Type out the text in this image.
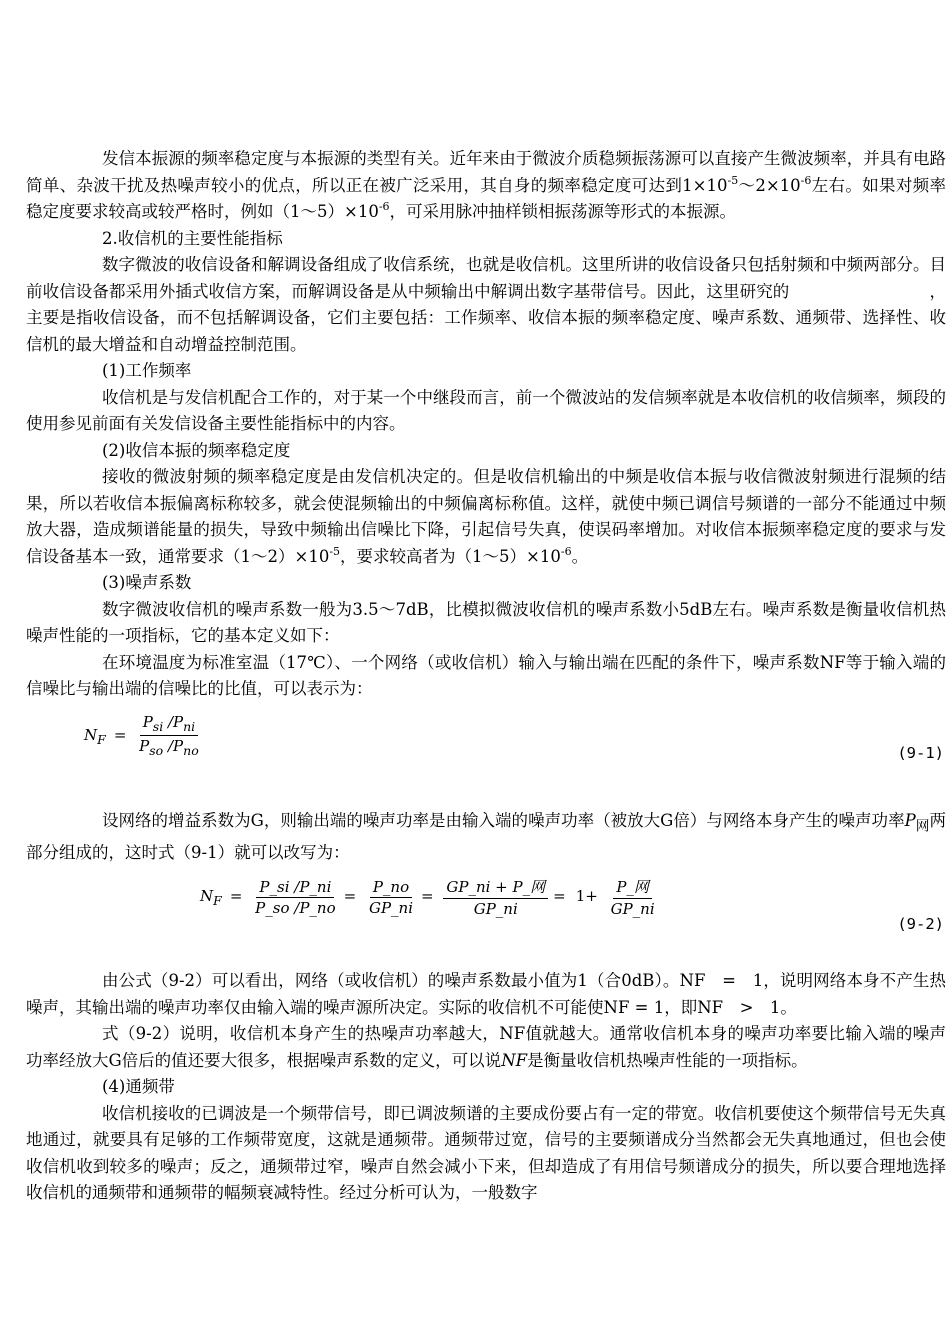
发信本振源的频率稳定度与本振源的类型有关。近年来由于微波介质稳频振荡源可以直接产生微波频率，并具有电路简单、杂波干扰及热噪声较小的优点，所以正在被广泛采用，其自身的频率稳定度可达到$1\times 10^{-5}\sim 2\times 10^{-6}$左右。如果对频率稳定度要求较高或较严格时，例如$(1\sim 5)\times 10^{-6}$，可采用脉冲抽样锁相振荡源等形式的本振源。

2.收信机的主要性能指标

数字微波的收信设备和解调设备组成了收信系统，也就是收信机。这里所讲的收信设备只包括射频和中频两部分。目前收信设备都采用外插式收信方案，而解调设备是从中频输出中解调出数字基带信号。因此，这里研究的	，主要是指收信设备，而不包括解调设备，它们主要包括：工作频率、收信本振的频率稳定度、噪声系数、通频带、选择性、收信机的最大增益和自动增益控制范围。

(1)工作频率

收信机是与发信机配合工作的，对于某一个中继段而言，前一个微波站的发信频率就是本收信机的收信频率，频段的使用参见前面有关发信设备主要性能指标中的内容。

(2)收信本振的频率稳定度

接收的微波射频的频率稳定度是由发信机决定的。但是收信机输出的中频是收信本振与收信微波射频进行混频的结果，所以若收信本振偏离标称较多，就会使混频输出的中频偏离标称值。这样，就使中频已调信号频谱的一部分不能通过中频放大器，造成频谱能量的损失，导致中频输出信噪比下降，引起信号失真，使误码率增加。对收信本振频率稳定度的要求与发信设备基本一致，通常要求$(1\sim 2)\times 10^{-5}$，要求较高者为$(1\sim 5)\times 10^{-6}$。

(3)噪声系数

数字微波收信机的噪声系数一般为3.5～7dB，比模拟微波收信机的噪声系数小5dB左右。噪声系数是衡量收信机热噪声性能的一项指标，它的基本定义如下：

在环境温度为标准室温（17℃）、一个网络（或收信机）输入与输出端在匹配的条件下，噪声系数NF等于输入端的信噪比与输出端的信噪比的比值，可以表示为：

$N_F = \frac{P_{si} /P_{ni}}{P_{so} /P_{no}}$	(9-1)

设网络的增益系数为G，则输出端的噪声功率是由输入端的噪声功率（被放大G倍）与网络本身产生的噪声功率$P_网$两部分组成的，这时式（9-1）就可以改写为：

$N_F = \frac{P\_si /P\_ni}{P\_so /P\_no} = \frac{P\_no}{GP\_ni} = \frac{\text{GP\_ni + P\_网}}{GP\_ni} = 1+ \frac{\text{P\_网}}{GP\_ni}$
(9-2)

由公式（9-2）可以看出，网络（或收信机）的噪声系数最小值为1（合0dB）。NF　=　1，说明网络本身不产生热噪声，其输出端的噪声功率仅由输入端的噪声源所决定。实际的收信机不可能使NF = 1，即NF　>　1。

式（9-2）说明，收信机本身产生的热噪声功率越大，NF值就越大。通常收信机本身的噪声功率要比输入端的噪声功率经放大G倍后的值还要大很多，根据噪声系数的定义，可以说NF是衡量收信机热噪声性能的一项指标。

(4)通频带

收信机接收的已调波是一个频带信号，即已调波频谱的主要成份要占有一定的带宽。收信机要使这个频带信号无失真地通过，就要具有足够的工作频带宽度，这就是通频带。通频带过宽，信号的主要频谱成分当然都会无失真地通过，但也会使收信机收到较多的噪声；反之，通频带过窄，噪声自然会减小下来，但却造成了有用信号频谱成分的损失，所以要合理地选择收信机的通频带和通频带的幅频衰减特性。经过分析可认为，一般数字
